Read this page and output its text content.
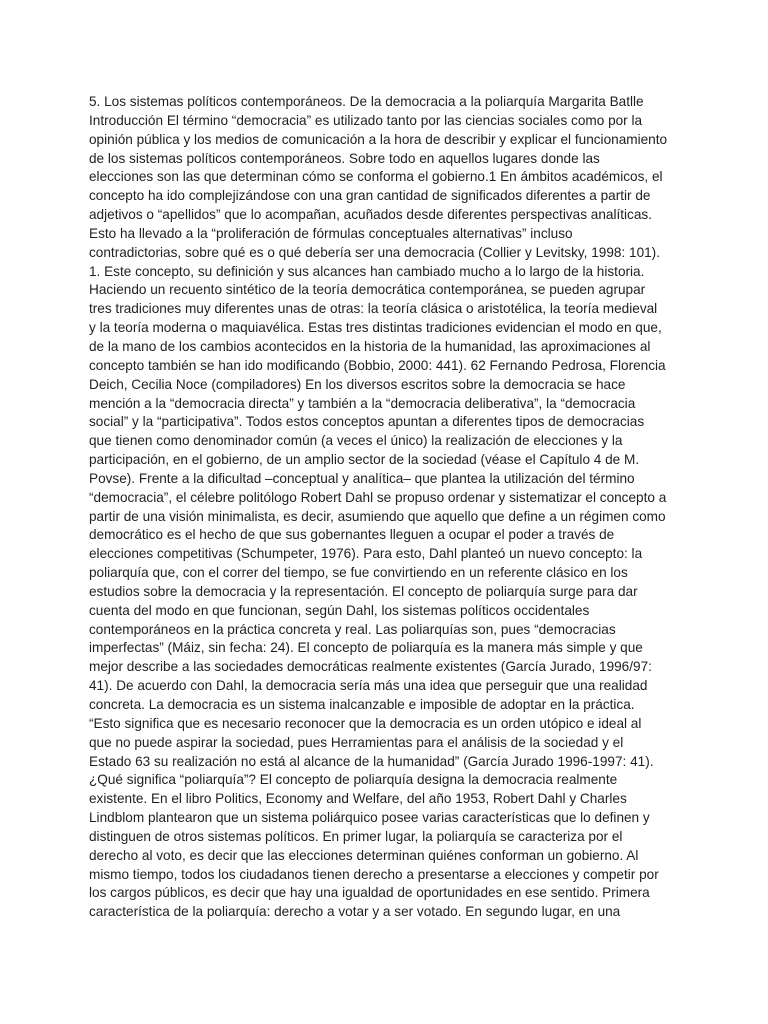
5. Los sistemas políticos contemporáneos. De la democracia a la poliarquía Margarita Batlle
Introducción El término “democracia” es utilizado tanto por las ciencias sociales como por la
opinión pública y los medios de comunicación a la hora de describir y explicar el funcionamiento
de los sistemas políticos contemporáneos. Sobre todo en aquellos lugares donde las
elecciones son las que determinan cómo se conforma el gobierno.1 En ámbitos académicos, el
concepto ha ido complejizándose con una gran cantidad de significados diferentes a partir de
adjetivos o “apellidos” que lo acompañan, acuñados desde diferentes perspectivas analíticas.
Esto ha llevado a la “proliferación de fórmulas conceptuales alternativas” incluso
contradictorias, sobre qué es o qué debería ser una democracia (Collier y Levitsky, 1998: 101).
1. Este concepto, su definición y sus alcances han cambiado mucho a lo largo de la historia.
Haciendo un recuento sintético de la teoría democrática contemporánea, se pueden agrupar
tres tradiciones muy diferentes unas de otras: la teoría clásica o aristotélica, la teoría medieval
y la teoría moderna o maquiavélica. Estas tres distintas tradiciones evidencian el modo en que,
de la mano de los cambios acontecidos en la historia de la humanidad, las aproximaciones al
concepto también se han ido modificando (Bobbio, 2000: 441). 62 Fernando Pedrosa, Florencia
Deich, Cecilia Noce (compiladores) En los diversos escritos sobre la democracia se hace
mención a la “democracia directa” y también a la “democracia deliberativa”, la “democracia
social” y la “participativa”. Todos estos conceptos apuntan a diferentes tipos de democracias
que tienen como denominador común (a veces el único) la realización de elecciones y la
participación, en el gobierno, de un amplio sector de la sociedad (véase el Capítulo 4 de M.
Povse). Frente a la dificultad –conceptual y analítica– que plantea la utilización del término
“democracia”, el célebre politólogo Robert Dahl se propuso ordenar y sistematizar el concepto a
partir de una visión minimalista, es decir, asumiendo que aquello que define a un régimen como
democrático es el hecho de que sus gobernantes lleguen a ocupar el poder a través de
elecciones competitivas (Schumpeter, 1976). Para esto, Dahl planteó un nuevo concepto: la
poliarquía que, con el correr del tiempo, se fue convirtiendo en un referente clásico en los
estudios sobre la democracia y la representación. El concepto de poliarquía surge para dar
cuenta del modo en que funcionan, según Dahl, los sistemas políticos occidentales
contemporáneos en la práctica concreta y real. Las poliarquías son, pues “democracias
imperfectas” (Máiz, sin fecha: 24). El concepto de poliarquía es la manera más simple y que
mejor describe a las sociedades democráticas realmente existentes (García Jurado, 1996/97:
41). De acuerdo con Dahl, la democracia sería más una idea que perseguir que una realidad
concreta. La democracia es un sistema inalcanzable e imposible de adoptar en la práctica.
“Esto significa que es necesario reconocer que la democracia es un orden utópico e ideal al
que no puede aspirar la sociedad, pues Herramientas para el análisis de la sociedad y el
Estado 63 su realización no está al alcance de la humanidad” (García Jurado 1996-1997: 41).
¿Qué significa “poliarquía”? El concepto de poliarquía designa la democracia realmente
existente. En el libro Politics, Economy and Welfare, del año 1953, Robert Dahl y Charles
Lindblom plantearon que un sistema poliárquico posee varias características que lo definen y
distinguen de otros sistemas políticos. En primer lugar, la poliarquía se caracteriza por el
derecho al voto, es decir que las elecciones determinan quiénes conforman un gobierno. Al
mismo tiempo, todos los ciudadanos tienen derecho a presentarse a elecciones y competir por
los cargos públicos, es decir que hay una igualdad de oportunidades en ese sentido. Primera
característica de la poliarquía: derecho a votar y a ser votado. En segundo lugar, en una
